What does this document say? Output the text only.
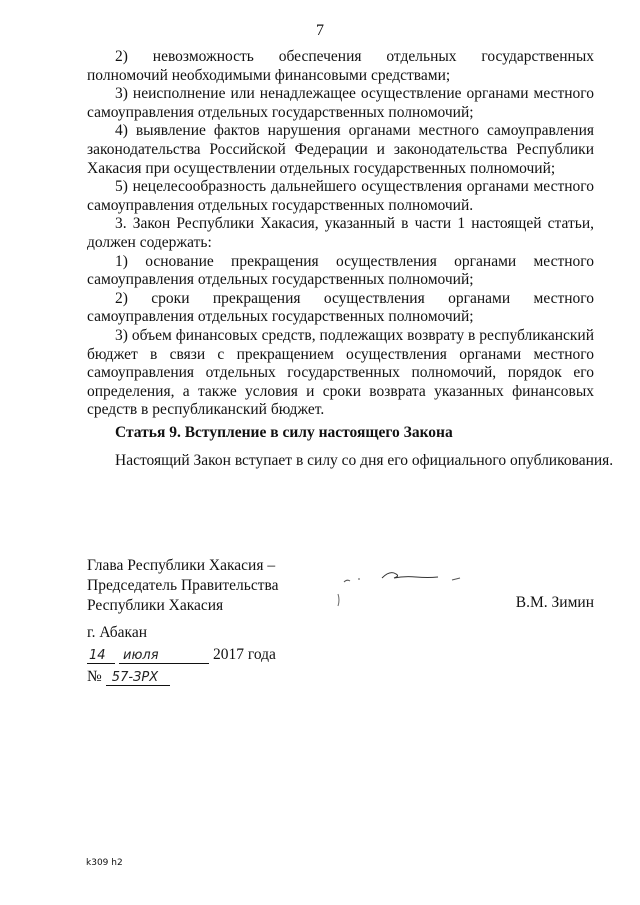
7

2) невозможность обеспечения отдельных государственных полномочий необходимыми финансовыми средствами;

3) неисполнение или ненадлежащее осуществление органами местного самоуправления отдельных государственных полномочий;

4) выявление фактов нарушения органами местного самоуправления законодательства Российской Федерации и законодательства Республики Хакасия при осуществлении отдельных государственных полномочий;

5) нецелесообразность дальнейшего осуществления органами местного самоуправления отдельных государственных полномочий.

3. Закон Республики Хакасия, указанный в части 1 настоящей статьи, должен содержать:

1) основание прекращения осуществления органами местного самоуправления отдельных государственных полномочий;

2) сроки прекращения осуществления органами местного самоуправления отдельных государственных полномочий;

3) объем финансовых средств, подлежащих возврату в республиканский бюджет в связи с прекращением осуществления органами местного самоуправления отдельных государственных полномочий, порядок его определения, а также условия и сроки возврата указанных финансовых средств в республиканский бюджет.

Статья 9. Вступление в силу настоящего Закона
Настоящий Закон вступает в силу со дня его официального опубликования.
Глава Республики Хакасия –
Председатель Правительства
Республики Хакасия	В.М. Зимин
г. Абакан
14 июля	2017 года
№ 57-ЗРХ
k309 h2
